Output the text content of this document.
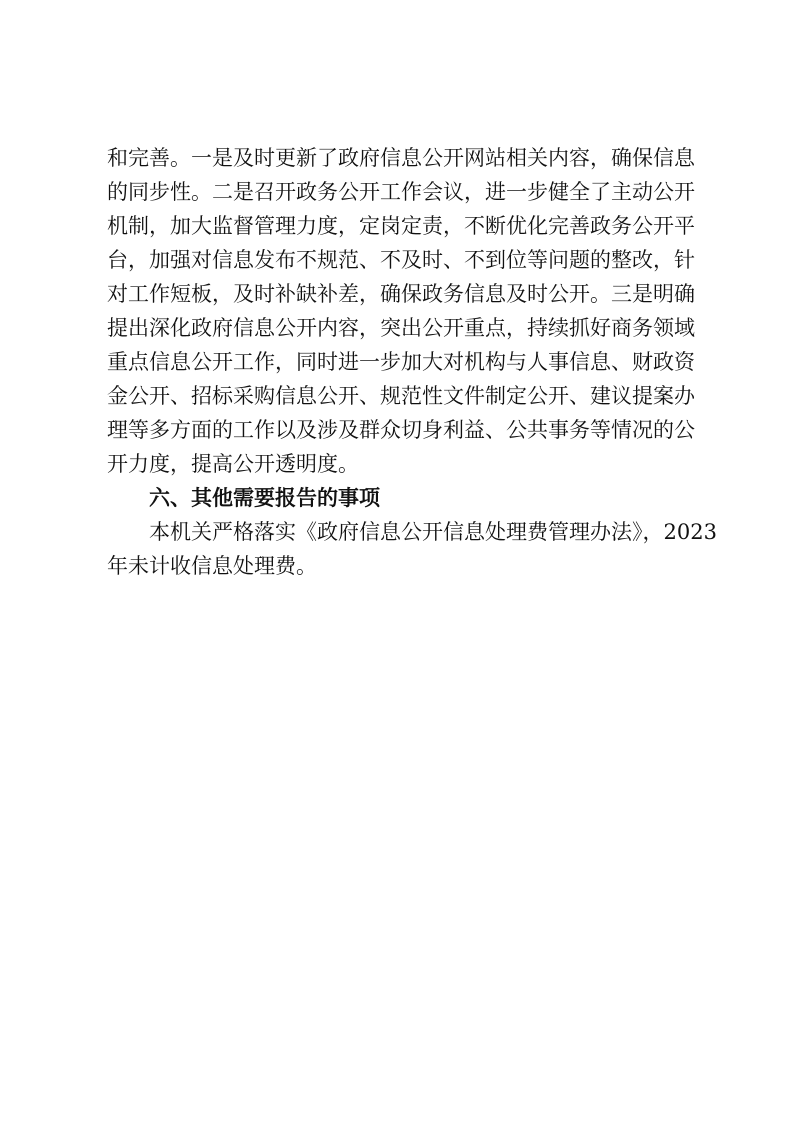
和完善。一是及时更新了政府信息公开网站相关内容，确保信息
的同步性。二是召开政务公开工作会议，进一步健全了主动公开
机制，加大监督管理力度，定岗定责，不断优化完善政务公开平
台，加强对信息发布不规范、不及时、不到位等问题的整改，针
对工作短板，及时补缺补差，确保政务信息及时公开。三是明确
提出深化政府信息公开内容，突出公开重点，持续抓好商务领域
重点信息公开工作，同时进一步加大对机构与人事信息、财政资
金公开、招标采购信息公开、规范性文件制定公开、建议提案办
理等多方面的工作以及涉及群众切身利益、公共事务等情况的公
开力度，提高公开透明度。
六、其他需要报告的事项
本机关严格落实《政府信息公开信息处理费管理办法》，2023
年未计收信息处理费。
